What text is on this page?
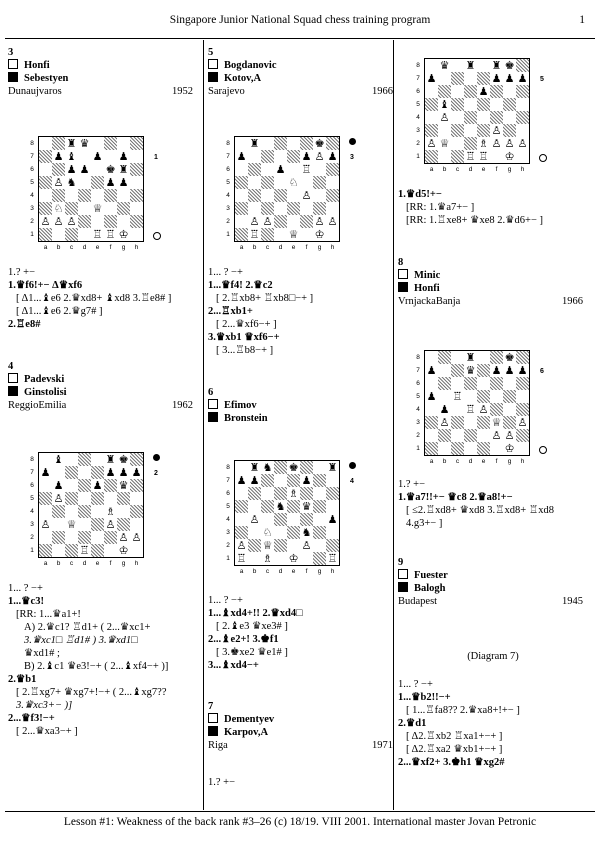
Singapore Junior National Squad chess training program	1
Lesson #1: Weakness of the back rank #3–26 (c) 18/19. VIII 2001. International master Jovan Petronic
3
Honfi
Sebestyen
Dunaujvaros	1952
♜ ♛
♟ ♝ ♟ ♟
♟ ♟ ♚ ♜
♙ ♞	♟ ♟
♘	♕
♙ ♙ ♙
♖ ♖ ♔
8
7
6
5
4
3
2
1
a	b	c	d	e	f	g	h
1
1.? +−
1.♛f6!+− Δ♛xf6
[ Δ1...♝e6 2.♛xd8+ ♝xd8 3.♖e8# ]
[ Δ1...♝e6 2.♛g7# ]
2.♖e8#
4
Padevski
Ginstolisi
ReggioEmilia	1962
♝	♜ ♚
♟	♟ ♟ ♟
♟	♟ ♛
♙
♗
♙ ♕	♙
♙ ♙
♖	♔
8
7
6
5
4
3
2
1
a	b	c	d	e	f	g	h
2
1... ? −+
1...♛c3!
[RR: 1...♛a1+!
A) 2.♛c1? ♖d1+ ( 2...♛xc1+
3.♛xc1□ ♖d1# ) 3.♛xd1□
♛xd1# ;
B) 2.♝c1 ♛e3!−+ ( 2...♝xf4−+ )]
2.♛b1
[ 2.♖xg7+ ♛xg7+!−+ ( 2...♝xg7??
3.♛xc3+− )]
2...♛f3!−+
[ 2...♛xa3−+ ]
5
Bogdanovic
Kotov,A
Sarajevo	1966
♜	♚
♟	♟ ♙ ♟
♟ ♖
♘
♙
♙ ♙	♙ ♙
♖	♕ ♔
8
7
6
5
4
3
2
1
a	b	c	d	e	f	g	h
3
1... ? −+
1...♛f4! 2.♛c2
[ 2.♖xb8+ ♖xb8□−+ ]
2...♖xb1+
[ 2...♛xf6−+ ]
3.♛xb1 ♛xf6−+
[ 3...♖b8−+ ]
6
Efimov
Bronstein
♜ ♞ ♚	♜
♟ ♟	♟
♗
♞ ♛
♙	♟
♘	♞
♙ ♕	♙
♖ ♗ ♔	♖
8
7
6
5
4
3
2
1
a	b	c	d	e	f	g	h
4
1... ? −+
1...♝xd4+!! 2.♛xd4□
[ 2.♝e3 ♛xe3# ]
2...♝e2+! 3.♚f1
[ 3.♚xe2 ♛e1# ]
3...♝xd4−+
7
Dementyev
Karpov,A
Riga	1971
1.? +−
♛ ♜ ♜ ♚
♟	♟ ♟ ♟
♟
♝
♙
♙
♙ ♕	♗ ♙ ♙ ♙
♖ ♖ ♔
8
7
6
5
4
3
2
1
a	b	c	d	e	f	g	h
5
1.♛d5!+−
[RR: 1.♛a7+− ]
[RR: 1.♖xe8+ ♛xe8 2.♛d6+− ]
8
Minic
Honfi
VrnjackaBanja	1966
♜	♚
♟	♛ ♟ ♟ ♟
♟ ♖
♟ ♖ ♙
♙	♕ ♙
♙ ♙
♔
8
7
6
5
4
3
2
1
a	b	c	d	e	f	g	h
6
1.? +−
1.♛a7!!+− ♛c8 2.♛a8!+−
[ ≤2.♖xd8+ ♛xd8 3.♖xd8+ ♖xd8
4.g3+− ]
9
Fuester
Balogh
Budapest	1945
(Diagram 7)
1... ? −+
1...♛b2!!−+
[ 1...♖fa8?? 2.♛xa8+!+− ]
2.♛d1
[ Δ2.♖xb2 ♖xa1+−+ ]
[ Δ2.♖xa2 ♛xb1+−+ ]
2...♛xf2+ 3.♚h1 ♛xg2#
